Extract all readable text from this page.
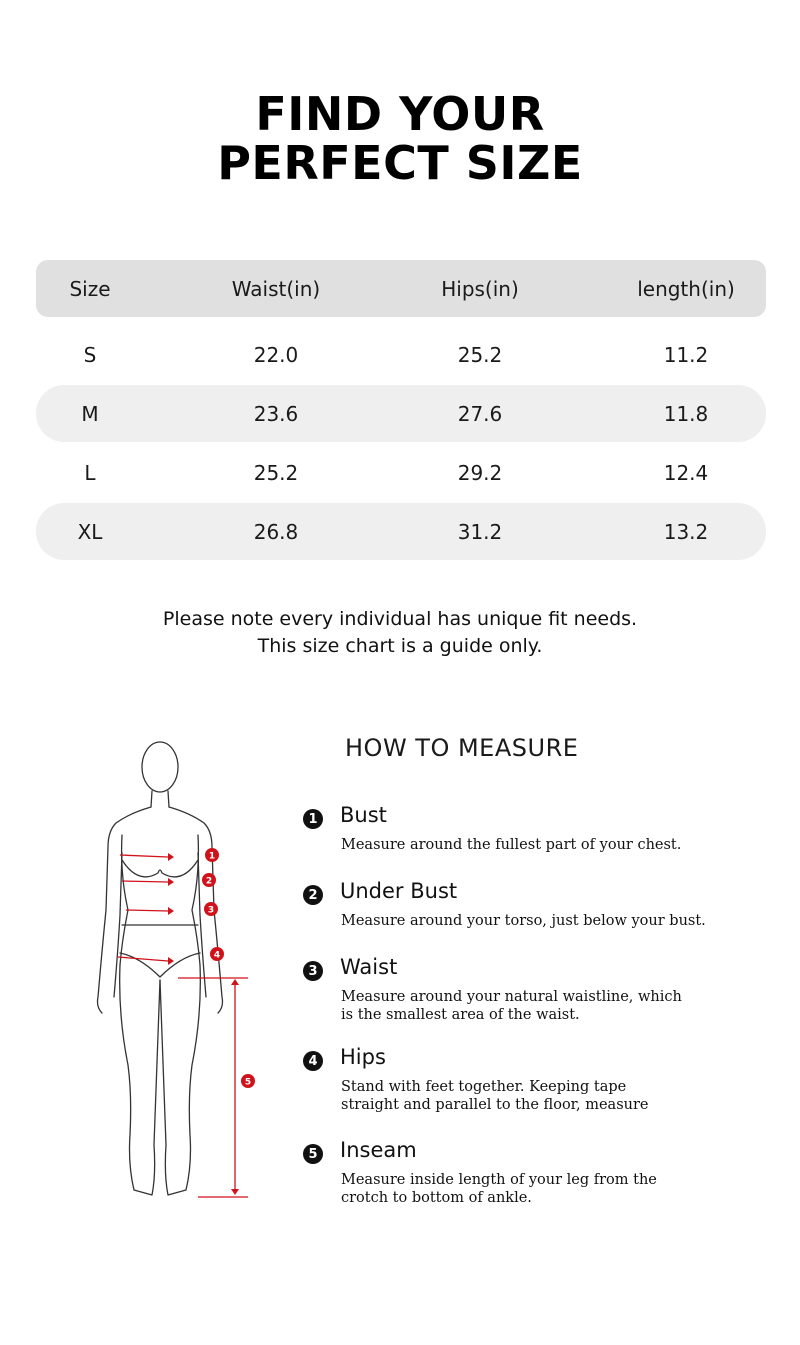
FIND YOUR
PERFECT SIZE
Size	Waist(in)	Hips(in)	length(in)
S	22.0	25.2	11.2
M	23.6	27.6	11.8
L	25.2	29.2	12.4
XL	26.8	31.2	13.2
Please note every individual has unique fit needs.
This size chart is a guide only.
HOW TO MEASURE
1
2
3
4
5
1 Bust
Measure around the fullest part of your chest.
2 Under Bust
Measure around your torso, just below your bust.
3 Waist
Measure around your natural waistline, which
is the smallest area of the waist.
4 Hips
Stand with feet together. Keeping tape
straight and parallel to the floor, measure
5 Inseam
Measure inside length of your leg from the
crotch to bottom of ankle.
